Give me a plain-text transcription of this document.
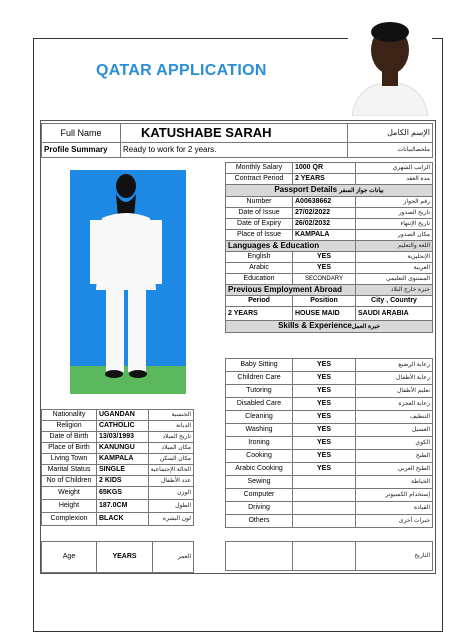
QATAR APPLICATION
Full Name	KATUSHABE SARAH	الإسم الكامل
Profile Summary	Ready to work for 2 years.	ملخصالبيانات
Monthly Salary	1000 QR	الراتب الشهري
Contract Period	2 YEARS	مدة العقد
Passport Details بيانات جواز السفر		
Number	A00638662	رقم الجواز
Date of Issue	27/02/2022	تاريخ الصدور
Date of Expiry	26/02/2032	تاريخ الإنتهاء
Place of Issue	KAMPALA	مكان الصدور
Languages & Education		اللغة والتعليم
English	YES	الإنجليزية
Arabic	YES	العربية
Education	SECONDARY	المستوى التعليمي
Previous Employment Abroad		خبرة خارج البلاد
Period	Position	City , Country
2 YEARS	HOUSE MAID	SAUDI ARABIA
Skills & Experienceخبرة العمل		
Baby Sitting	YES	رعاية الرضيع
Children Care	YES	رعاية الأطفال
Tutoring	YES	تعليم الأطفال
Disabled Care	YES	رعاية العجزة
Cleaning	YES	التنظيف
Washing	YES	الغسيل
Ironing	YES	الكوي
Cooking	YES	الطبخ
Arabic Cooking	YES	الطبخ العربي
Sewing		الخياطة
Computer		إستخدام الكمبيوتر
Driving		القيادة
Others		خبرات أخرى
		التاريخ
Nationality	UGANDAN	الجنسية
Religion	CATHOLIC	الديانة
Date of Birth	13/03/1993	تاريخ الميلاد
Place of Birth	KANUNGU	مكان الميلاد
Living Town	KAMPALA	مكان السكن
Marital Status	SINGLE	الحالة الإجتماعية
No of Children	2 KIDS	عدد الأطفال
Weight	65KGS	الوزن
Height	187.0CM	الطول
Complexion	BLACK	لون البشرة
Age	YEARS	العمر
